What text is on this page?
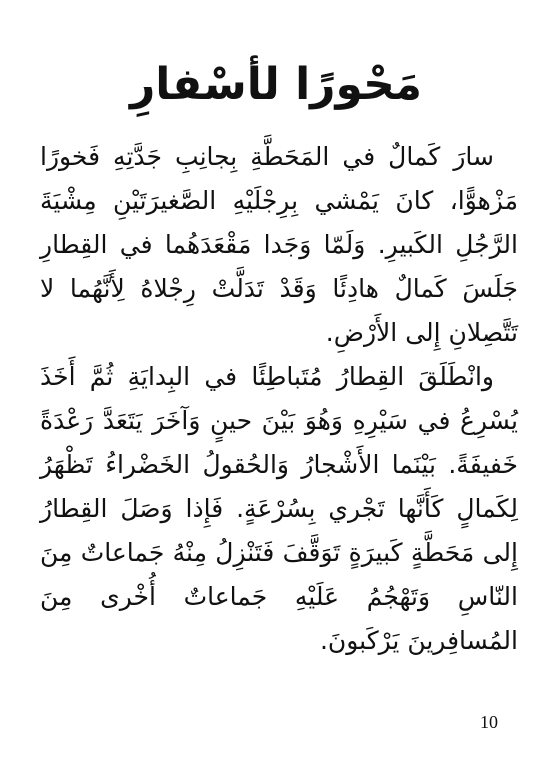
مَحْورًا لأسْفارِ

سارَ كَمالٌ في المَحَطَّةِ بِجانِبِ جَدَّتِهِ فَخورًا مَزْهوًّا، كانَ يَمْشي بِرِجْلَيْهِ الصَّغيرَتَيْنِ مِشْيَةَ الرَّجُلِ الكَبيرِ. وَلَمّا وَجَدا مَقْعَدَهُما في القِطارِ جَلَسَ كَمالٌ هادِئًا وَقَدْ تَدَلَّتْ رِجْلاهُ لِأَنَّهُما لا تَتَّصِلانِ إِلى الأَرْضِ.

وانْطَلَقَ القِطارُ مُتَباطِئًا في البِدايَةِ ثُمَّ أَخَذَ يُسْرِعُ في سَيْرِهِ وَهُوَ بَيْنَ حينٍ وَآخَرَ يَتَعَدَّ رَعْدَةً خَفيفَةً. بَيْنَما الأَشْجارُ وَالحُقولُ الخَضْراءُ تَظْهَرُ لِكَمالٍ كَأَنَّها تَجْري بِسُرْعَةٍ. فَإِذا وَصَلَ القِطارُ إِلى مَحَطَّةٍ كَبيرَةٍ تَوَقَّفَ فَتَنْزِلُ مِنْهُ جَماعاتٌ مِنَ النّاسِ وَتَهْجُمُ عَلَيْهِ جَماعاتٌ أُخْرى مِنَ المُسافِرينَ يَرْكَبونَ.

10
